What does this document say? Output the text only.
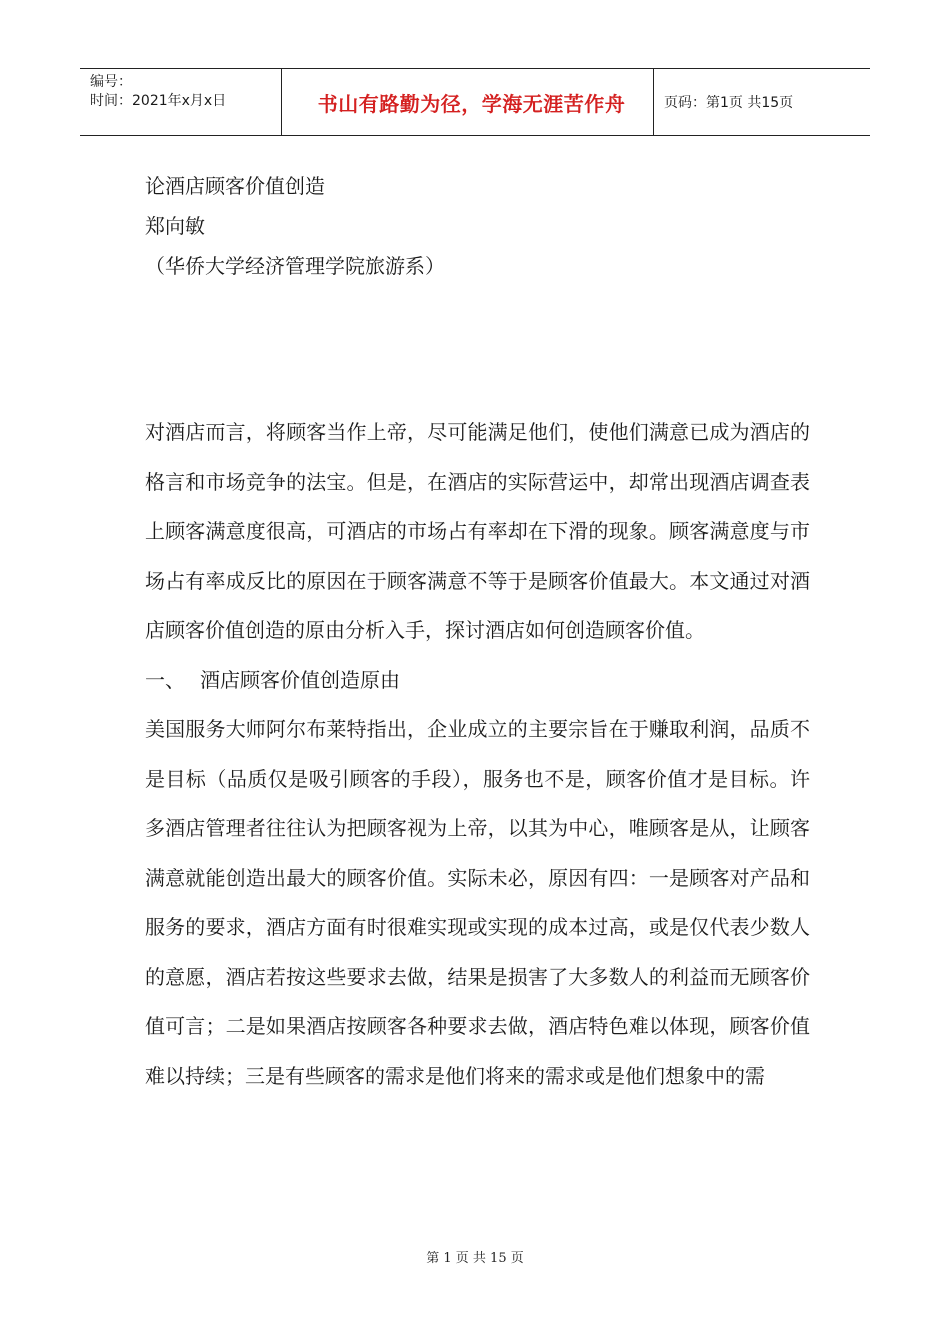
编号：
时间：2021年x月x日	书山有路勤为径，学海无涯苦作舟	页码：第1页 共15页
论酒店顾客价值创造
郑向敏
（华侨大学经济管理学院旅游系）

对酒店而言，将顾客当作上帝，尽可能满足他们，使他们满意已成为酒店的格言和市场竞争的法宝。但是，在酒店的实际营运中，却常出现酒店调查表上顾客满意度很高，可酒店的市场占有率却在下滑的现象。顾客满意度与市场占有率成反比的原因在于顾客满意不等于是顾客价值最大。本文通过对酒店顾客价值创造的原由分析入手，探讨酒店如何创造顾客价值。

一、 酒店顾客价值创造原由

美国服务大师阿尔布莱特指出，企业成立的主要宗旨在于赚取利润，品质不是目标（品质仅是吸引顾客的手段），服务也不是，顾客价值才是目标。许多酒店管理者往往认为把顾客视为上帝，以其为中心，唯顾客是从，让顾客满意就能创造出最大的顾客价值。实际未必，原因有四：一是顾客对产品和服务的要求，酒店方面有时很难实现或实现的成本过高，或是仅代表少数人的意愿，酒店若按这些要求去做，结果是损害了大多数人的利益而无顾客价值可言；二是如果酒店按顾客各种要求去做，酒店特色难以体现，顾客价值难以持续；三是有些顾客的需求是他们将来的需求或是他们想象中的需

第 1 页 共 15 页
